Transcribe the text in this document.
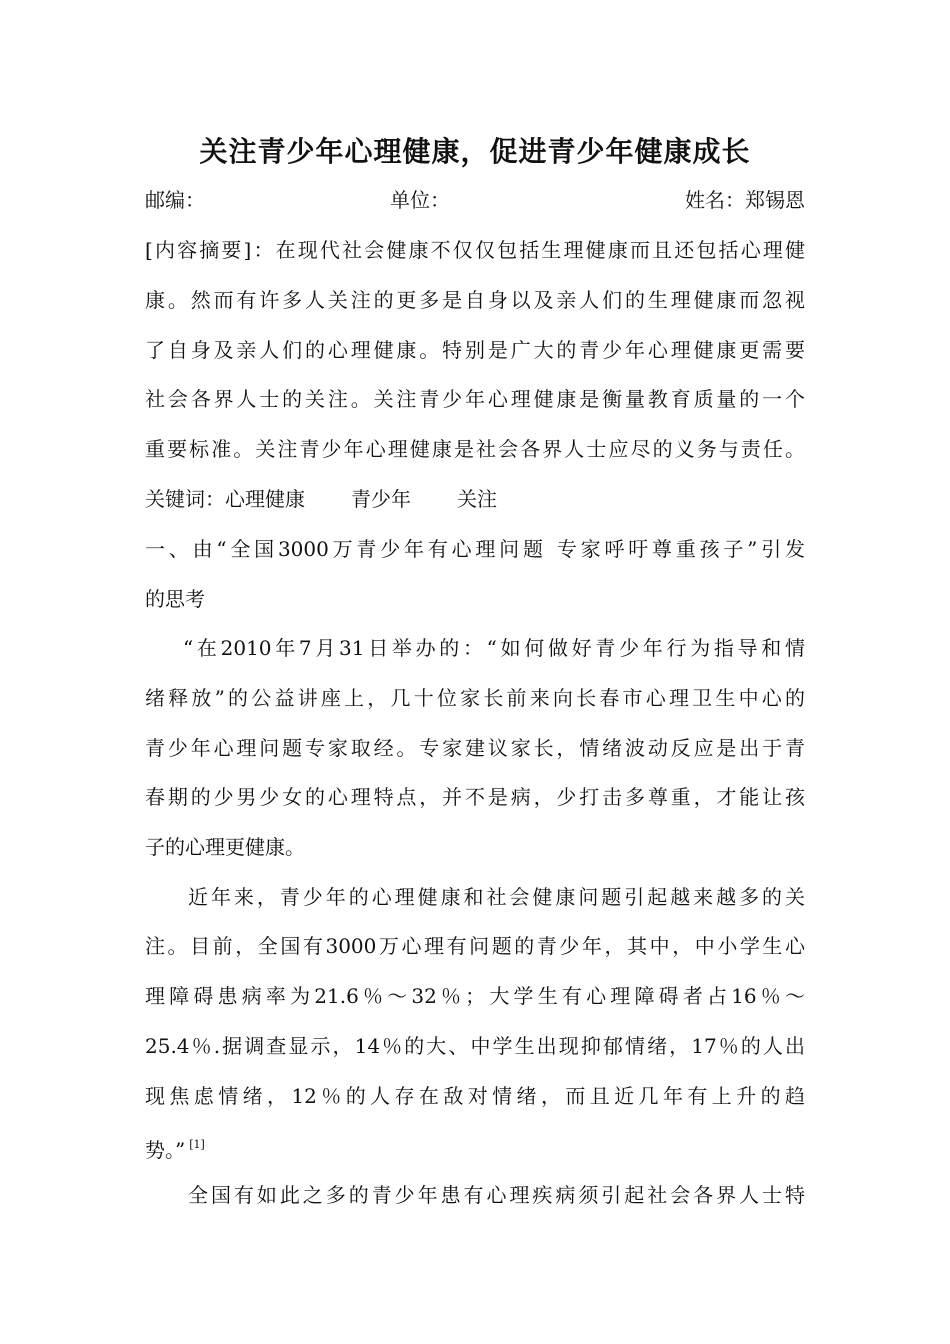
关注青少年心理健康，促进青少年健康成长
邮编：	单位：	姓名：郑锡恩
[内容摘要]：在现代社会健康不仅仅包括生理健康而且还包括心理健
康。然而有许多人关注的更多是自身以及亲人们的生理健康而忽视
了自身及亲人们的心理健康。特别是广大的青少年心理健康更需要
社会各界人士的关注。关注青少年心理健康是衡量教育质量的一个
重要标准。关注青少年心理健康是社会各界人士应尽的义务与责任。
关键词：心理健康 青少年 关注
一、由“全国3000万青少年有心理问题 专家呼吁尊重孩子”引发
的思考
“在2010年7月31日举办的：“如何做好青少年行为指导和情
绪释放”的公益讲座上，几十位家长前来向长春市心理卫生中心的
青少年心理问题专家取经。专家建议家长，情绪波动反应是出于青
春期的少男少女的心理特点，并不是病，少打击多尊重，才能让孩
子的心理更健康。
近年来，青少年的心理健康和社会健康问题引起越来越多的关
注。目前，全国有3000万心理有问题的青少年，其中，中小学生心
理障碍患病率为21.6％～32％；大学生有心理障碍者占16％～
25.4％.据调查显示，14％的大、中学生出现抑郁情绪，17％的人出
现焦虑情绪，12％的人存在敌对情绪，而且近几年有上升的趋
势。” [1]
全国有如此之多的青少年患有心理疾病须引起社会各界人士特
